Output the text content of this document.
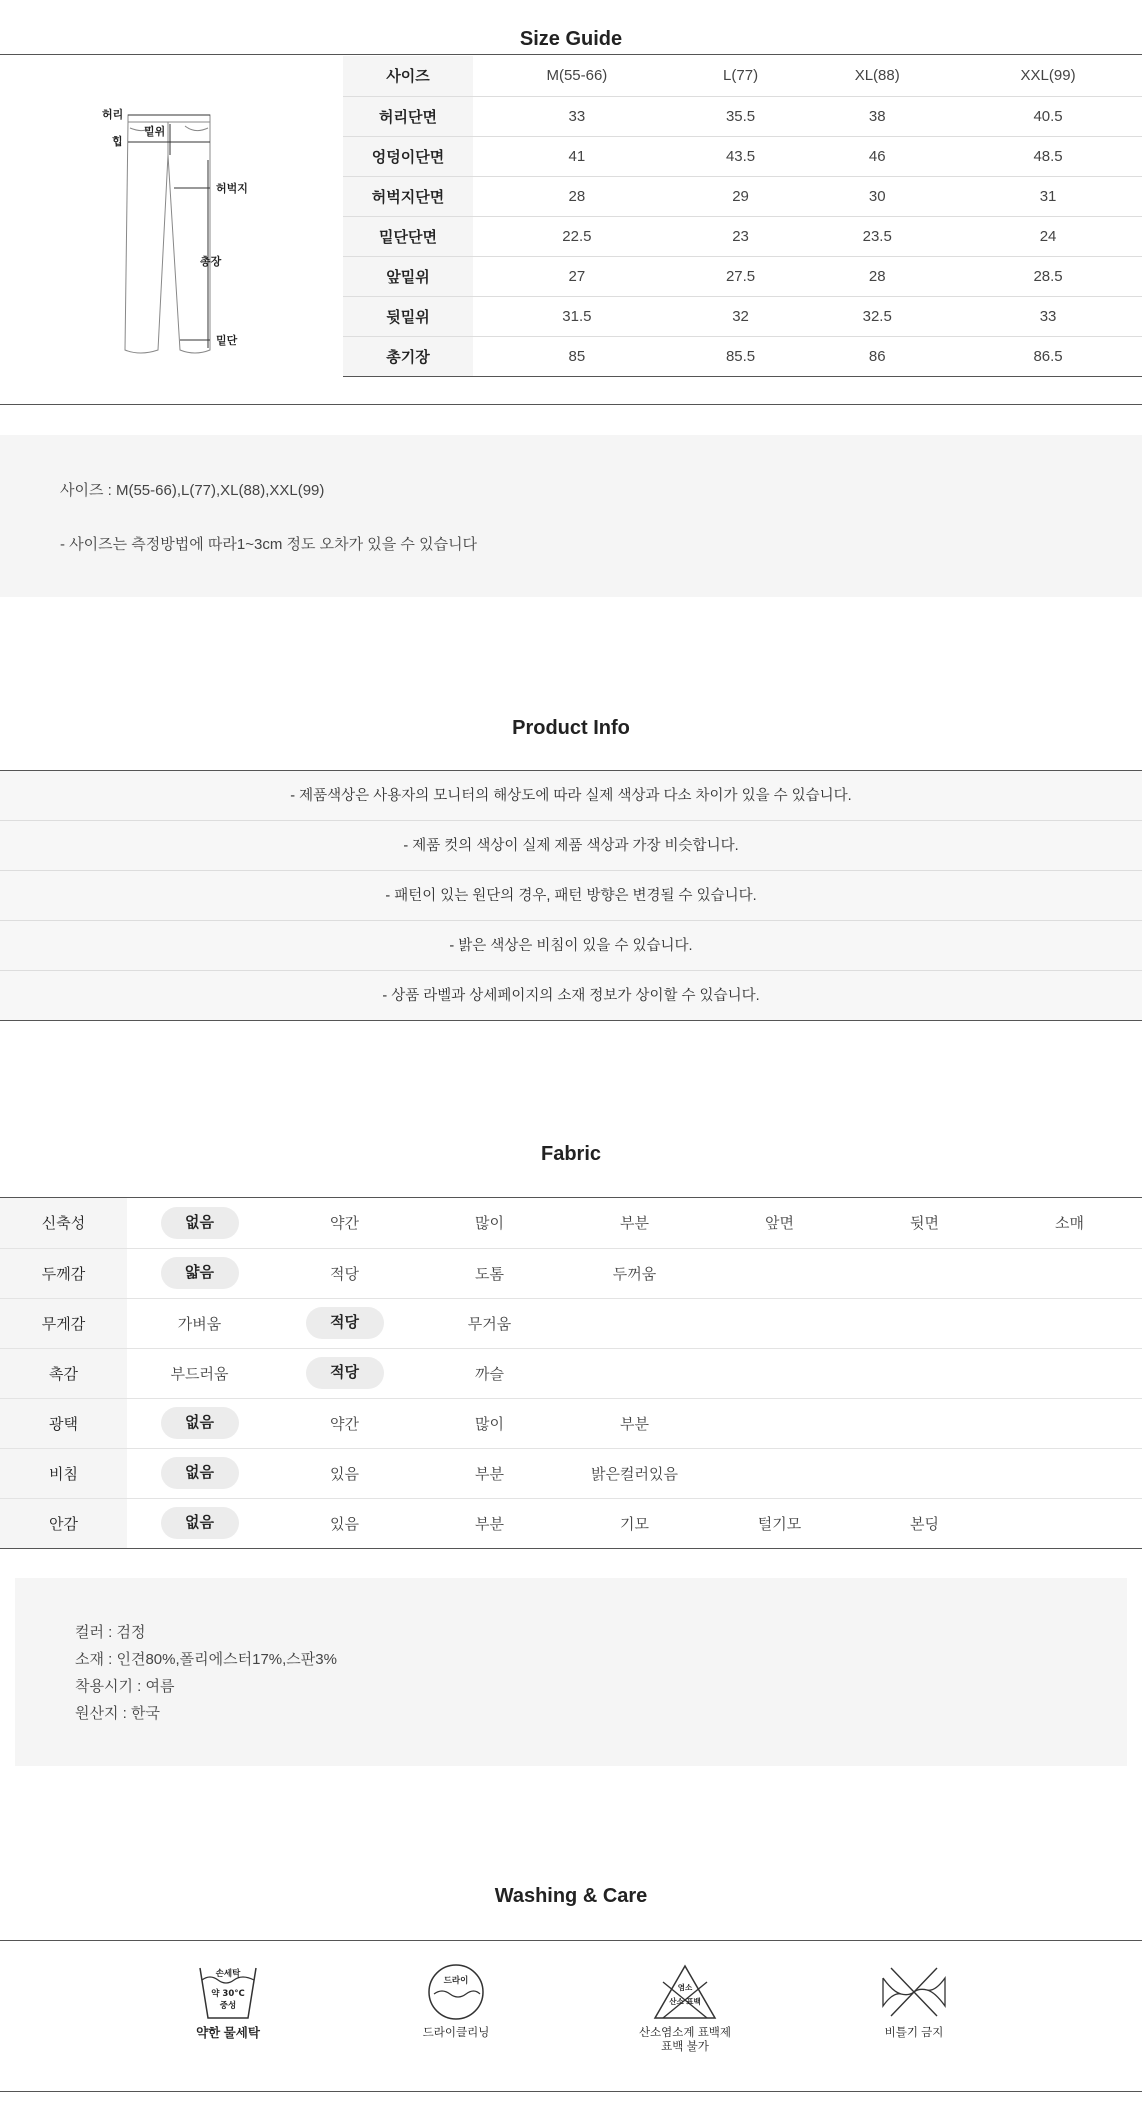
Size Guide
허리
힙
밑위
허벅지
총장
밑단
사이즈	M(55-66)	L(77)	XL(88)	XXL(99)
허리단면	33	35.5	38	40.5
엉덩이단면	41	43.5	46	48.5
허벅지단면	28	29	30	31
밑단단면	22.5	23	23.5	24
앞밑위	27	27.5	28	28.5
뒷밑위	31.5	32	32.5	33
총기장	85	85.5	86	86.5

사이즈 : M(55-66),L(77),XL(88),XXL(99)

- 사이즈는 측정방법에 따라1~3cm 정도 오차가 있을 수 있습니다

Product Info
- 제품색상은 사용자의 모니터의 해상도에 따라 실제 색상과 다소 차이가 있을 수 있습니다.
- 제품 컷의 색상이 실제 제품 색상과 가장 비슷합니다.
- 패턴이 있는 원단의 경우, 패턴 방향은 변경될 수 있습니다.
- 밝은 색상은 비침이 있을 수 있습니다.
- 상품 라벨과 상세페이지의 소재 정보가 상이할 수 있습니다.
Fabric
신축성	없음	약간	많이	부분	앞면	뒷면	소매
두께감	얇음	적당	도톰	두꺼움			
무게감	가벼움	적당	무거움				
촉감	부드러움	적당	까슬				
광택	없음	약간	많이	부분			
비침	없음	있음	부분	밝은컬러있음			
안감	없음	있음	부분	기모	털기모	본딩	

컬러 : 검정

소재 : 인견80%,폴리에스터17%,스판3%

착용시기 : 여름

원산지 : 한국

Washing & Care
손세탁
약 30°C
중성
약한 물세탁
드라이
드라이클리닝
염소
산소 표백
산소염소계 표백제
표백 불가
비틀기 금지
